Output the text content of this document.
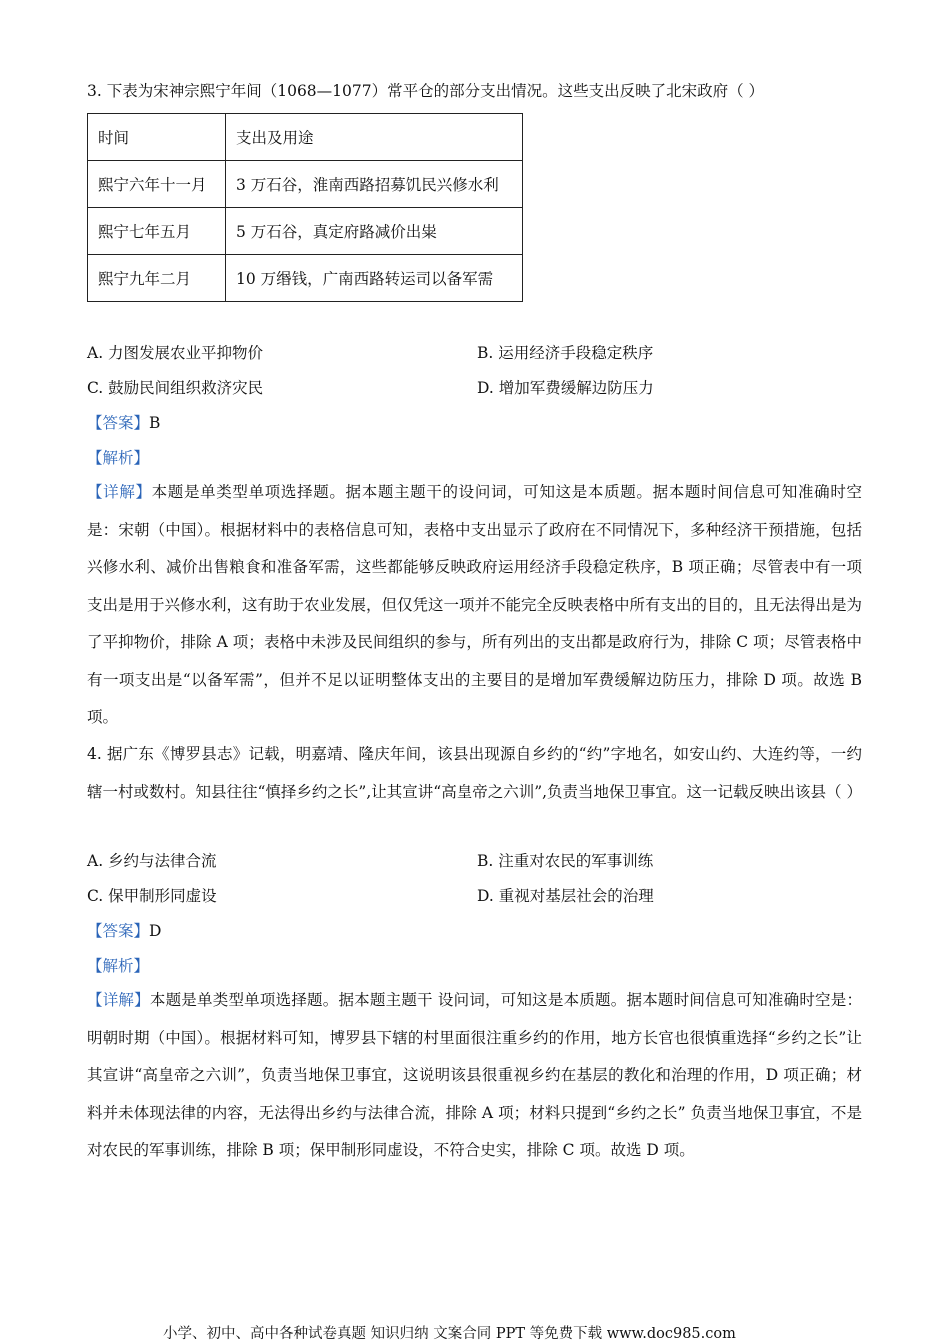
3. 下表为宋神宗熙宁年间（1068—1077）常平仓的部分支出情况。这些支出反映了北宋政府（ ）
时间	支出及用途
熙宁六年十一月	3 万石谷，淮南西路招募饥民兴修水利
熙宁七年五月	5 万石谷，真定府路减价出粜
熙宁九年二月	10 万缗钱，广南西路转运司以备军需
A. 力图发展农业平抑物价	B. 运用经济手段稳定秩序
C. 鼓励民间组织救济灾民	D. 增加军费缓解边防压力
【答案】B
【解析】
【详解】本题是单类型单项选择题。据本题主题干的设问词，可知这是本质题。据本题时间信息可知准确时空是：宋朝（中国）。根据材料中的表格信息可知，表格中支出显示了政府在不同情况下，多种经济干预措施，包括兴修水利、减价出售粮食和准备军需，这些都能够反映政府运用经济手段稳定秩序，B 项正确；尽管表中有一项支出是用于兴修水利，这有助于农业发展，但仅凭这一项并不能完全反映表格中所有支出的目的，且无法得出是为了平抑物价，排除 A 项；表格中未涉及民间组织的参与，所有列出的支出都是政府行为，排除 C 项；尽管表格中有一项支出是“以备军需”，但并不足以证明整体支出的主要目的是增加军费缓解边防压力，排除 D 项。故选 B 项。
4. 据广东《博罗县志》记载，明嘉靖、隆庆年间，该县出现源自乡约的“约”字地名，如安山约、大连约等，一约辖一村或数村。知县往往“慎择乡约之长”,让其宣讲“高皇帝之六训”,负责当地保卫事宜。这一记载反映出该县（ ）
A. 乡约与法律合流	B. 注重对农民的军事训练
C. 保甲制形同虚设	D. 重视对基层社会的治理
【答案】D
【解析】
【详解】本题是单类型单项选择题。据本题主题干 设问词，可知这是本质题。据本题时间信息可知准确时空是：明朝时期（中国）。根据材料可知，博罗县下辖的村里面很注重乡约的作用，地方长官也很慎重选择“乡约之长”让其宣讲“高皇帝之六训”，负责当地保卫事宜，这说明该县很重视乡约在基层的教化和治理的作用，D 项正确；材料并未体现法律的内容，无法得出乡约与法律合流，排除 A 项；材料只提到“乡约之长” 负责当地保卫事宜，不是对农民的军事训练，排除 B 项；保甲制形同虚设，不符合史实，排除 C 项。故选 D 项。
小学、初中、高中各种试卷真题 知识归纳 文案合同 PPT 等免费下载 www.doc985.com
